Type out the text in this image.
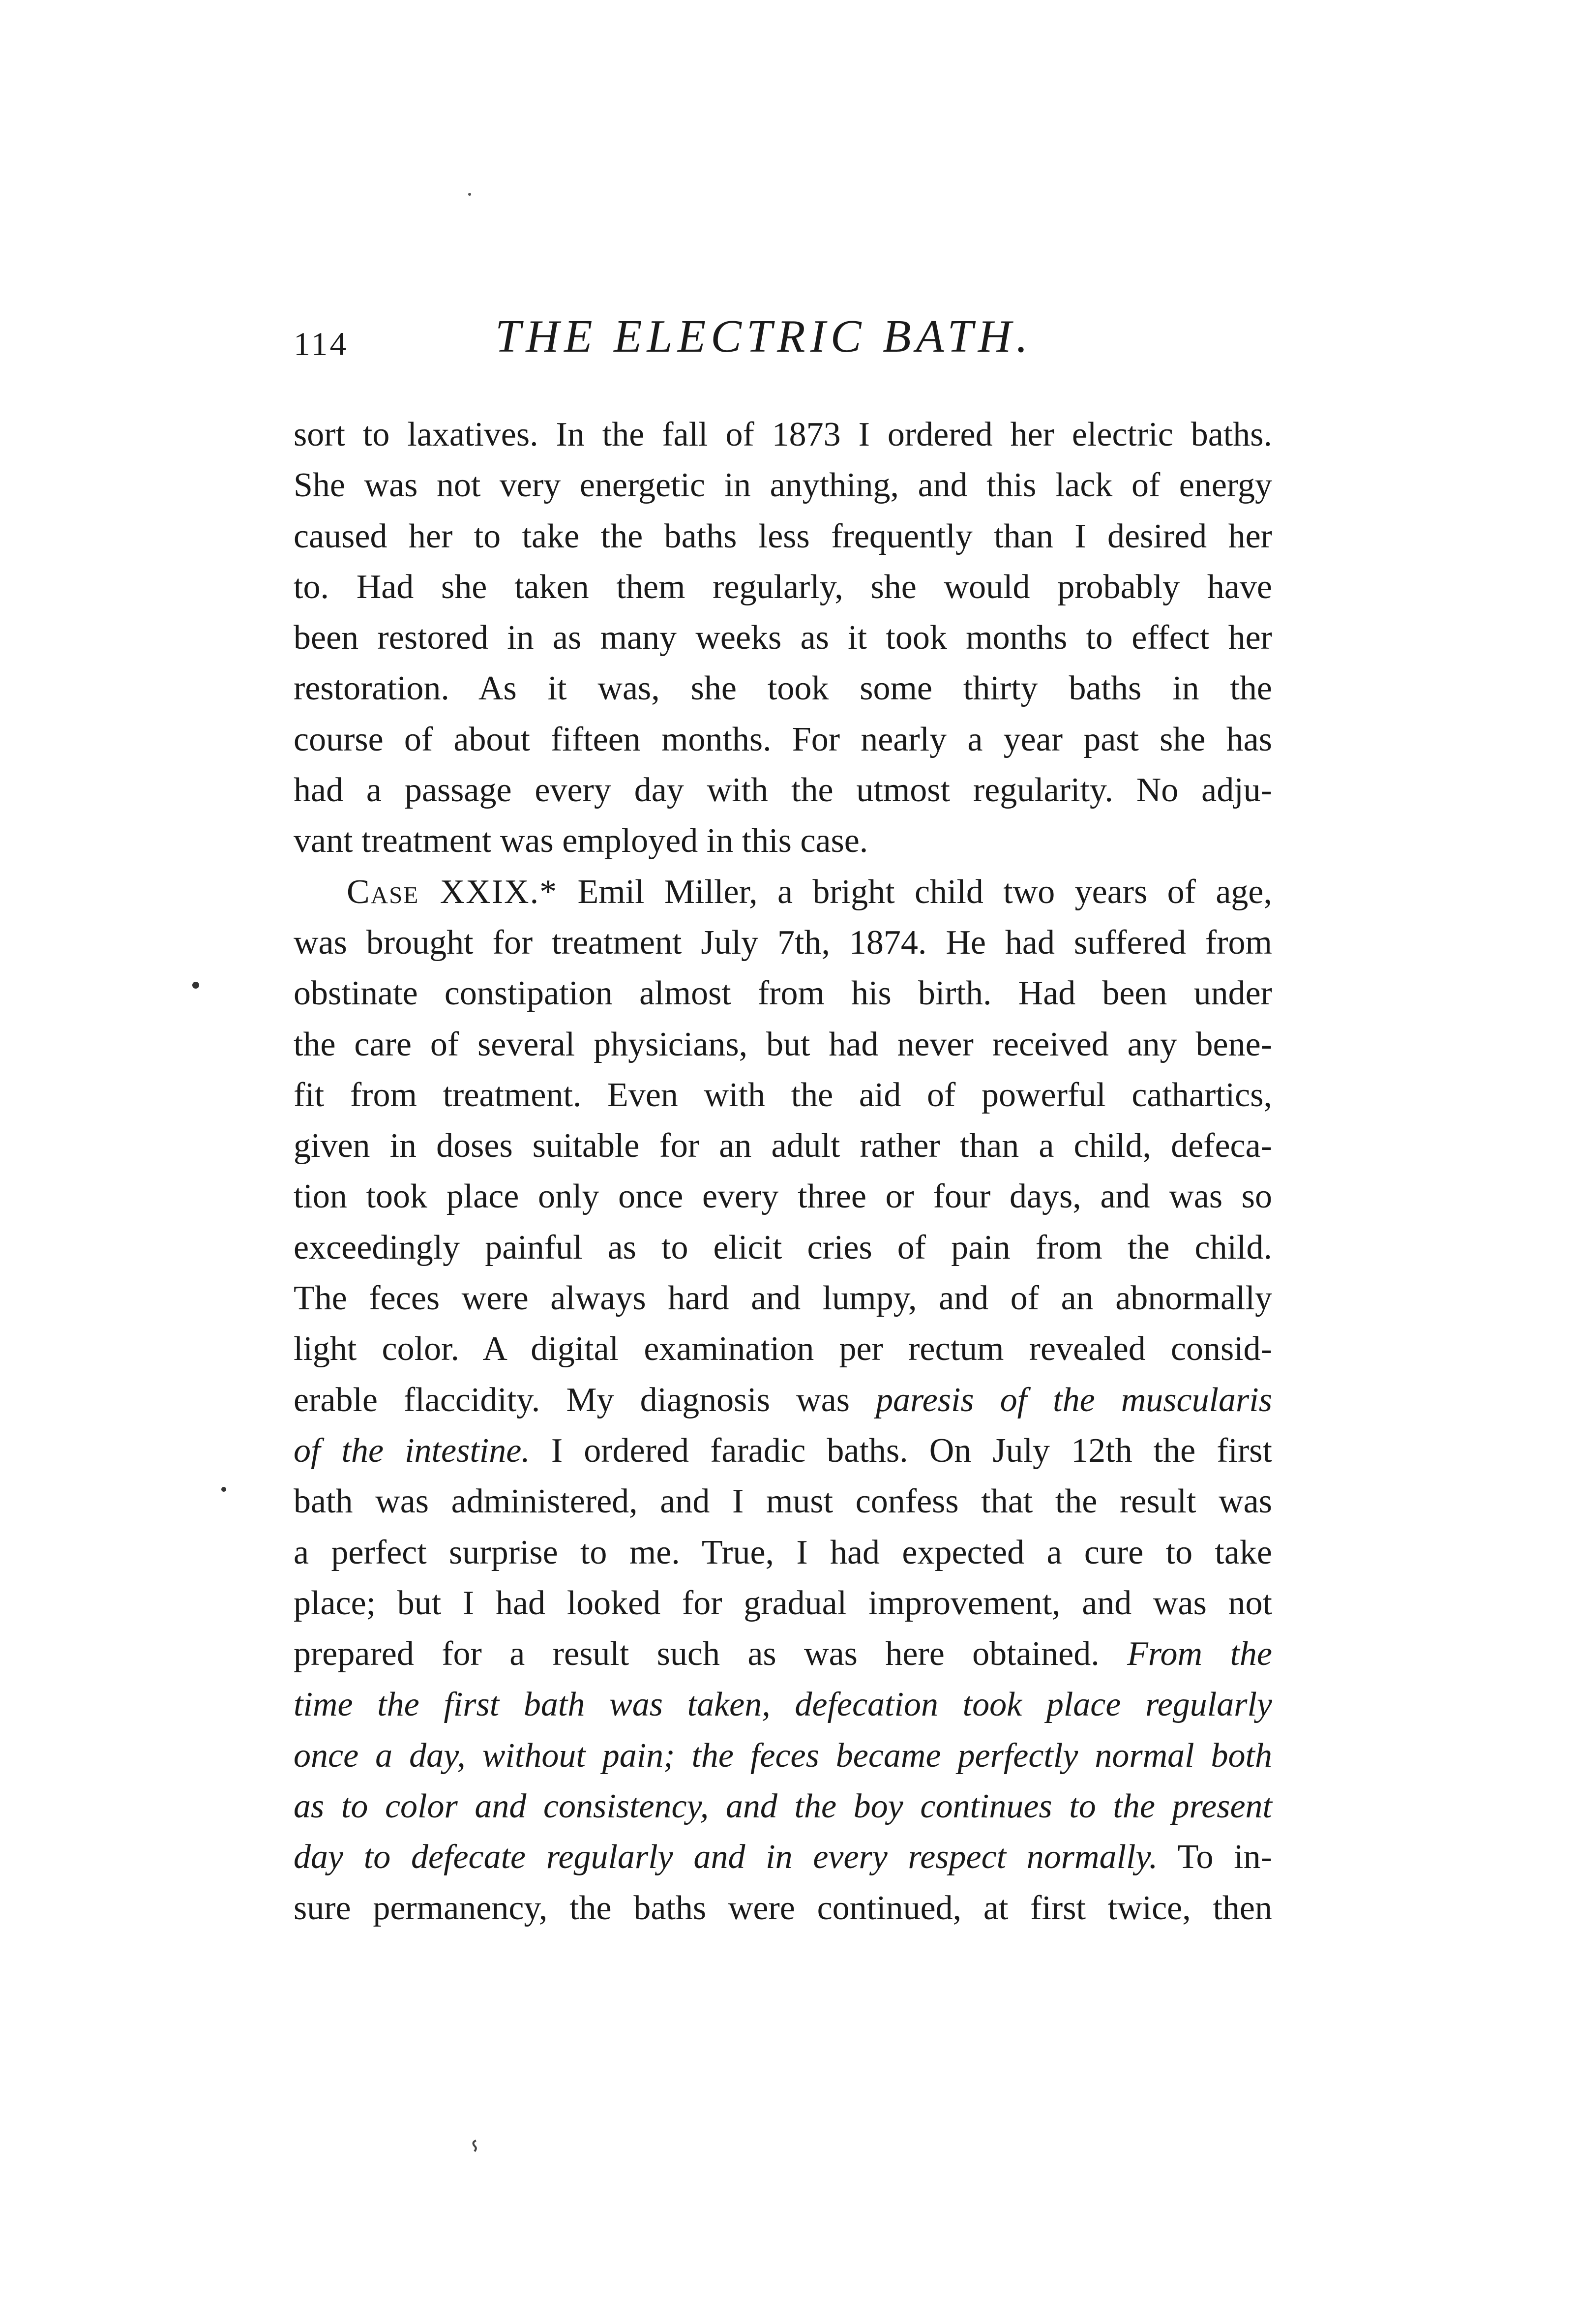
114	THE ELECTRIC BATH.
sort to laxatives. In the fall of 1873 I ordered her electric baths.
She was not very energetic in anything, and this lack of energy
caused her to take the baths less frequently than I desired her
to. Had she taken them regularly, she would probably have
been restored in as many weeks as it took months to effect her
restoration. As it was, she took some thirty baths in the
course of about fifteen months. For nearly a year past she has
had a passage every day with the utmost regularity. No adju-
vant treatment was employed in this case.
Case XXIX.* Emil Miller, a bright child two years of age,
was brought for treatment July 7th, 1874. He had suffered from
obstinate constipation almost from his birth. Had been under
the care of several physicians, but had never received any bene-
fit from treatment. Even with the aid of powerful cathartics,
given in doses suitable for an adult rather than a child, defeca-
tion took place only once every three or four days, and was so
exceedingly painful as to elicit cries of pain from the child.
The feces were always hard and lumpy, and of an abnormally
light color. A digital examination per rectum revealed consid-
erable flaccidity. My diagnosis was paresis of the muscularis
of the intestine. I ordered faradic baths. On July 12th the first
bath was administered, and I must confess that the result was
a perfect surprise to me. True, I had expected a cure to take
place; but I had looked for gradual improvement, and was not
prepared for a result such as was here obtained. From the
time the first bath was taken, defecation took place regularly
once a day, without pain; the feces became perfectly normal both
as to color and consistency, and the boy continues to the present
day to defecate regularly and in every respect normally. To in-
sure permanency, the baths were continued, at first twice, then
